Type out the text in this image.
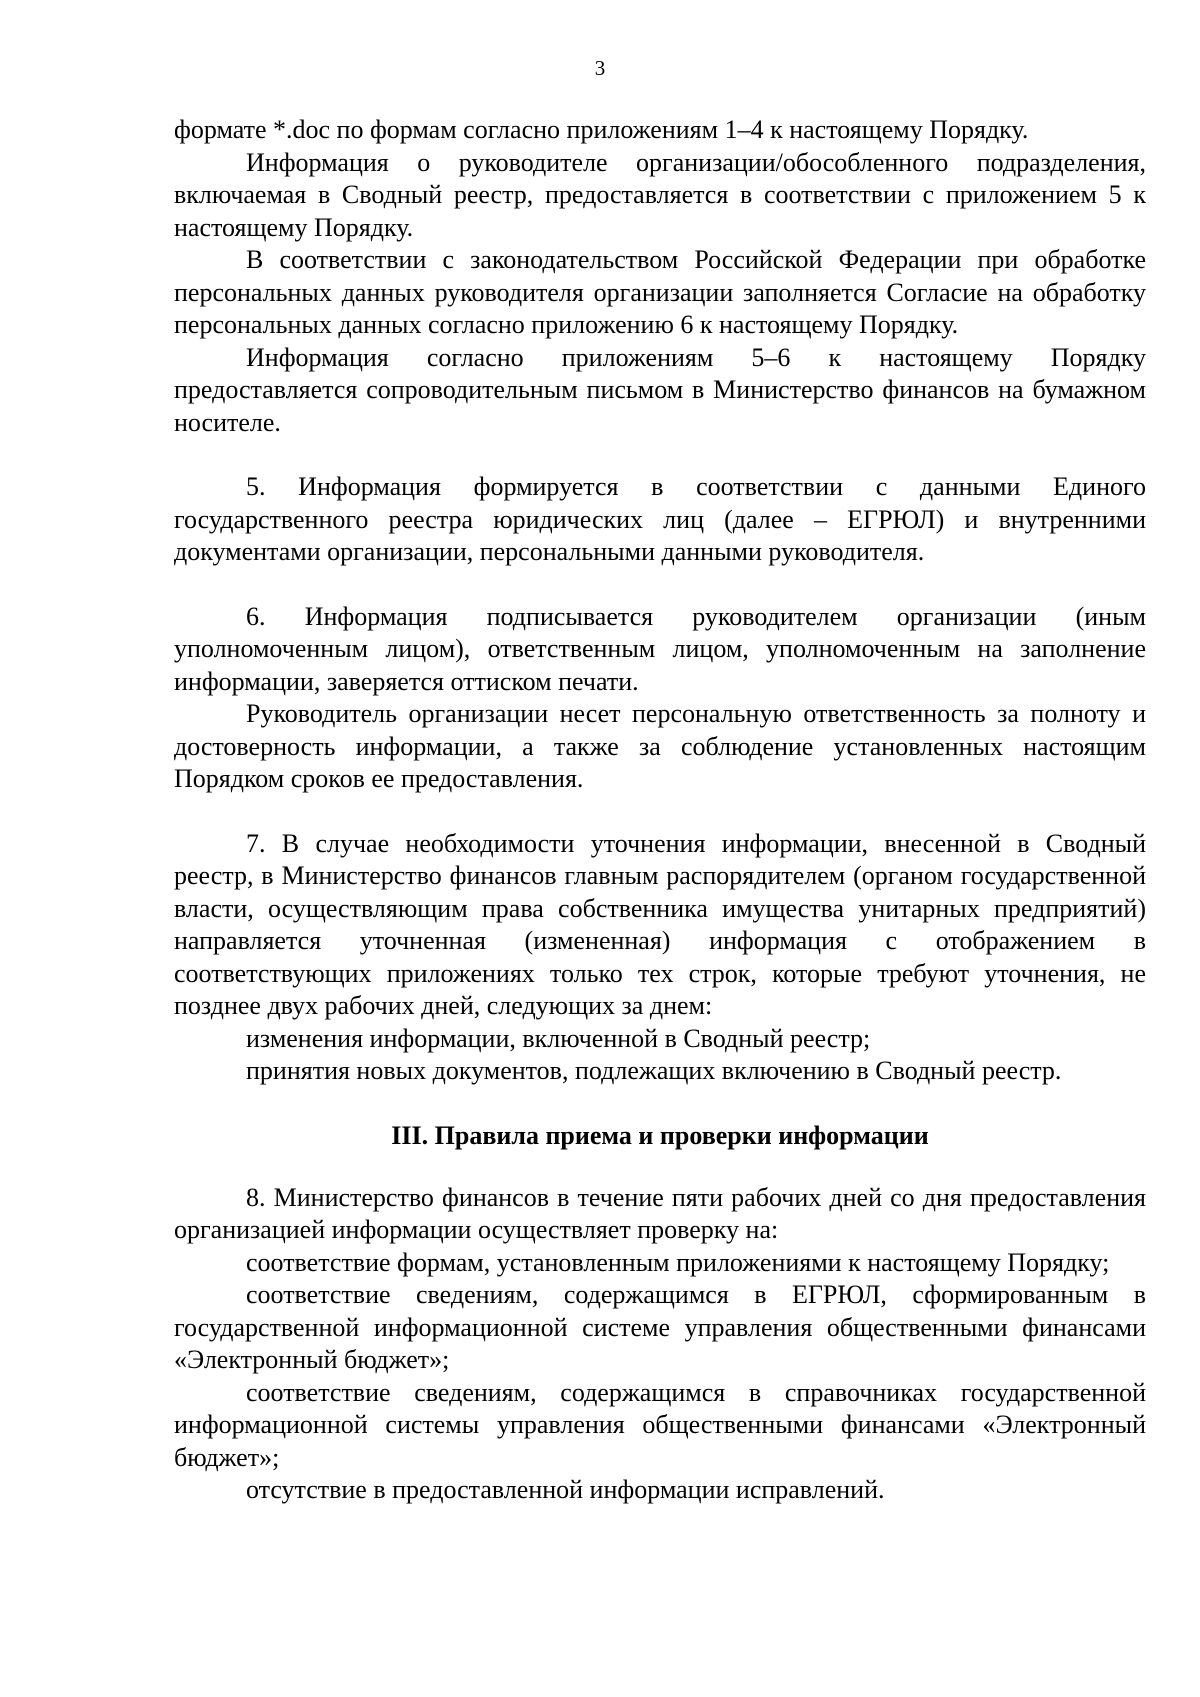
3

формате *.doc по формам согласно приложениям 1–4 к настоящему Порядку.

Информация о руководителе организации/обособленного подразделения, включаемая в Сводный реестр, предоставляется в соответствии с приложением 5 к настоящему Порядку.

В соответствии с законодательством Российской Федерации при обработке персональных данных руководителя организации заполняется Согласие на обработку персональных данных согласно приложению 6 к настоящему Порядку.

Информация согласно приложениям 5–6 к настоящему Порядку предоставляется сопроводительным письмом в Министерство финансов на бумажном носителе.

5. Информация формируется в соответствии с данными Единого государственного реестра юридических лиц (далее – ЕГРЮЛ) и внутренними документами организации, персональными данными руководителя.

6. Информация подписывается руководителем организации (иным уполномоченным лицом), ответственным лицом, уполномоченным на заполнение информации, заверяется оттиском печати.

Руководитель организации несет персональную ответственность за полноту и достоверность информации, а также за соблюдение установленных настоящим Порядком сроков ее предоставления.

7. В случае необходимости уточнения информации, внесенной в Сводный реестр, в Министерство финансов главным распорядителем (органом государственной власти, осуществляющим права собственника имущества унитарных предприятий) направляется уточненная (измененная) информация с отображением в соответствующих приложениях только тех строк, которые требуют уточнения, не позднее двух рабочих дней, следующих за днем:

изменения информации, включенной в Сводный реестр;

принятия новых документов, подлежащих включению в Сводный реестр.

III. Правила приема и проверки информации

8. Министерство финансов в течение пяти рабочих дней со дня предоставления организацией информации осуществляет проверку на:

соответствие формам, установленным приложениями к настоящему Порядку;

соответствие сведениям, содержащимся в ЕГРЮЛ, сформированным в государственной информационной системе управления общественными финансами «Электронный бюджет»;

соответствие сведениям, содержащимся в справочниках государственной информационной системы управления общественными финансами «Электронный бюджет»;

отсутствие в предоставленной информации исправлений.
